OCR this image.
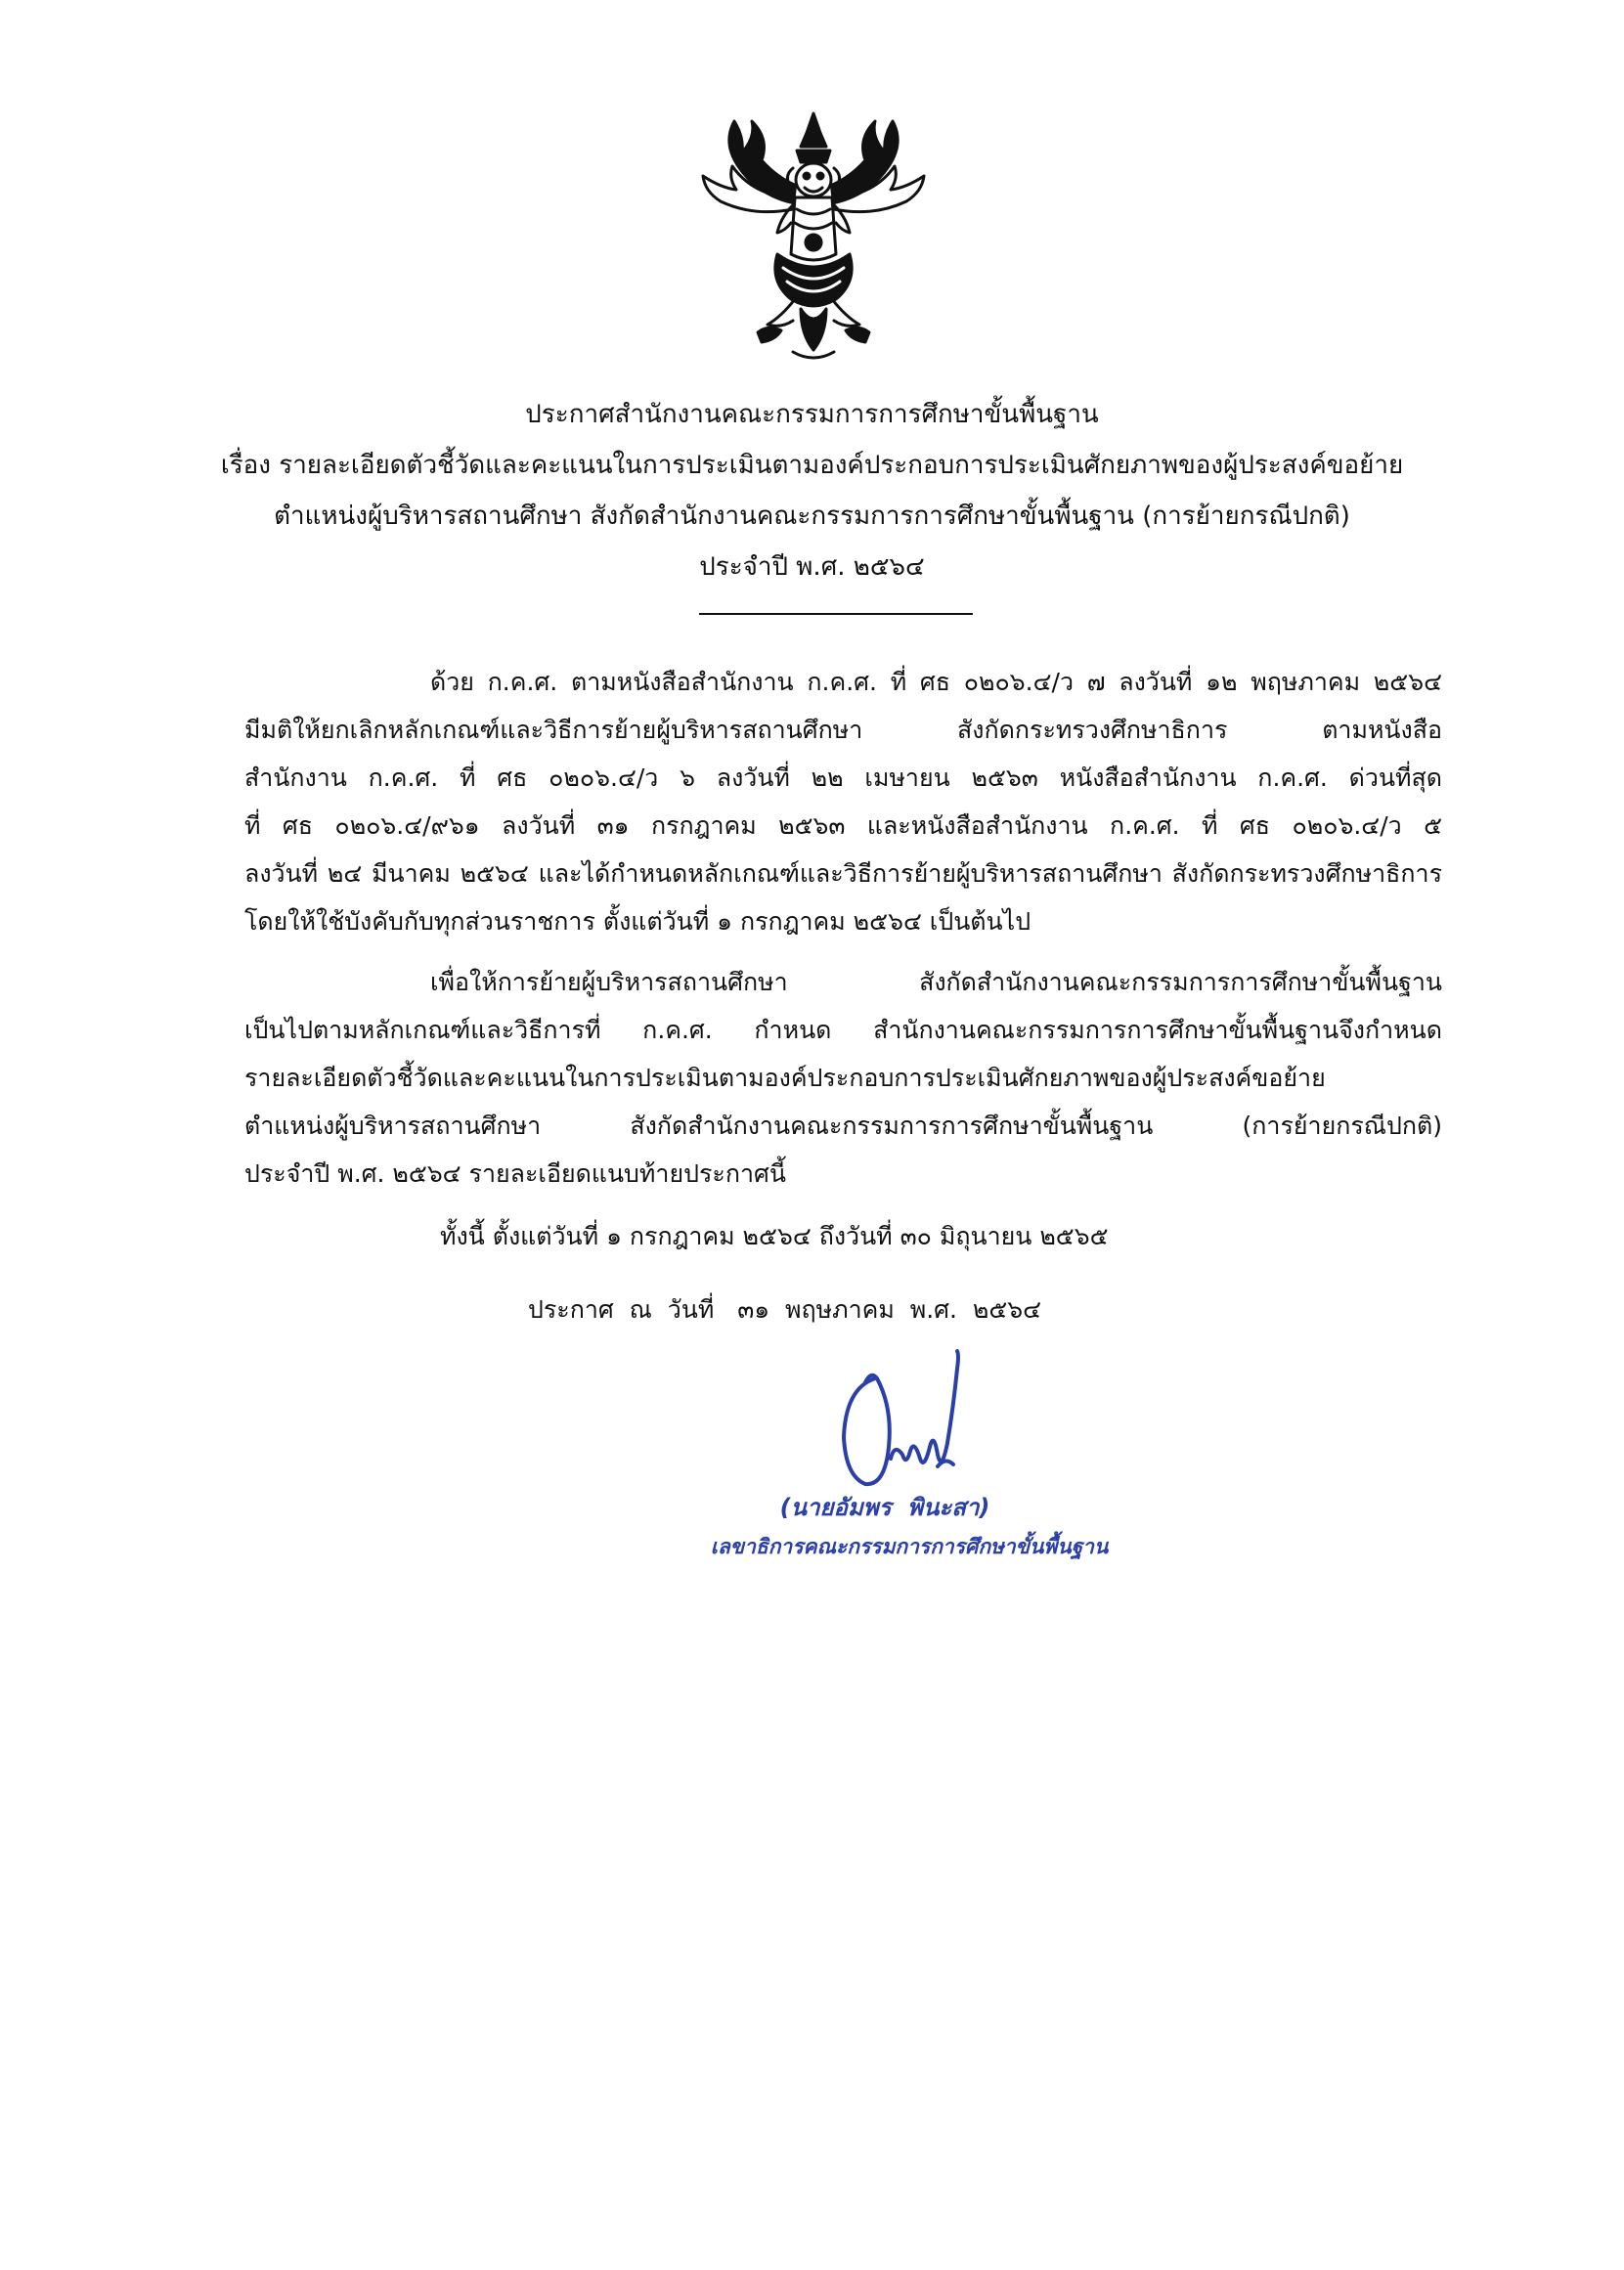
ประกาศสำนักงานคณะกรรมการการศึกษาขั้นพื้นฐาน
เรื่อง รายละเอียดตัวชี้วัดและคะแนนในการประเมินตามองค์ประกอบการประเมินศักยภาพของผู้ประสงค์ขอย้าย
ตำแหน่งผู้บริหารสถานศึกษา สังกัดสำนักงานคณะกรรมการการศึกษาขั้นพื้นฐาน (การย้ายกรณีปกติ)
ประจำปี พ.ศ. ๒๕๖๔
ด้วย ก.ค.ศ. ตามหนังสือสำนักงาน ก.ค.ศ. ที่ ศธ ๐๒๐๖.๔/ว ๗ ลงวันที่ ๑๒ พฤษภาคม ๒๕๖๔
มีมติให้ยกเลิกหลักเกณฑ์และวิธีการย้ายผู้บริหารสถานศึกษา สังกัดกระทรวงศึกษาธิการ ตามหนังสือ
สำนักงาน ก.ค.ศ. ที่ ศธ ๐๒๐๖.๔/ว ๖ ลงวันที่ ๒๒ เมษายน ๒๕๖๓ หนังสือสำนักงาน ก.ค.ศ. ด่วนที่สุด
ที่ ศธ ๐๒๐๖.๔/๙๖๑ ลงวันที่ ๓๑ กรกฎาคม ๒๕๖๓ และหนังสือสำนักงาน ก.ค.ศ. ที่ ศธ ๐๒๐๖.๔/ว ๕
ลงวันที่ ๒๔ มีนาคม ๒๕๖๔ และได้กำหนดหลักเกณฑ์และวิธีการย้ายผู้บริหารสถานศึกษา สังกัดกระทรวงศึกษาธิการ
โดยให้ใช้บังคับกับทุกส่วนราชการ ตั้งแต่วันที่ ๑ กรกฎาคม ๒๕๖๔ เป็นต้นไป
เพื่อให้การย้ายผู้บริหารสถานศึกษา สังกัดสำนักงานคณะกรรมการการศึกษาขั้นพื้นฐาน
เป็นไปตามหลักเกณฑ์และวิธีการที่ ก.ค.ศ. กำหนด สำนักงานคณะกรรมการการศึกษาขั้นพื้นฐานจึงกำหนด
รายละเอียดตัวชี้วัดและคะแนนในการประเมินตามองค์ประกอบการประเมินศักยภาพของผู้ประสงค์ขอย้าย
ตำแหน่งผู้บริหารสถานศึกษา สังกัดสำนักงานคณะกรรมการการศึกษาขั้นพื้นฐาน (การย้ายกรณีปกติ)
ประจำปี พ.ศ. ๒๕๖๔ รายละเอียดแนบท้ายประกาศนี้
ทั้งนี้ ตั้งแต่วันที่ ๑ กรกฎาคม ๒๕๖๔ ถึงวันที่ ๓๐ มิถุนายน ๒๕๖๕
ประกาศ  ณ  วันที่   ๓๑  พฤษภาคม  พ.ศ.  ๒๕๖๔
(นายอัมพร  พินะสา)
เลขาธิการคณะกรรมการการศึกษาขั้นพื้นฐาน
